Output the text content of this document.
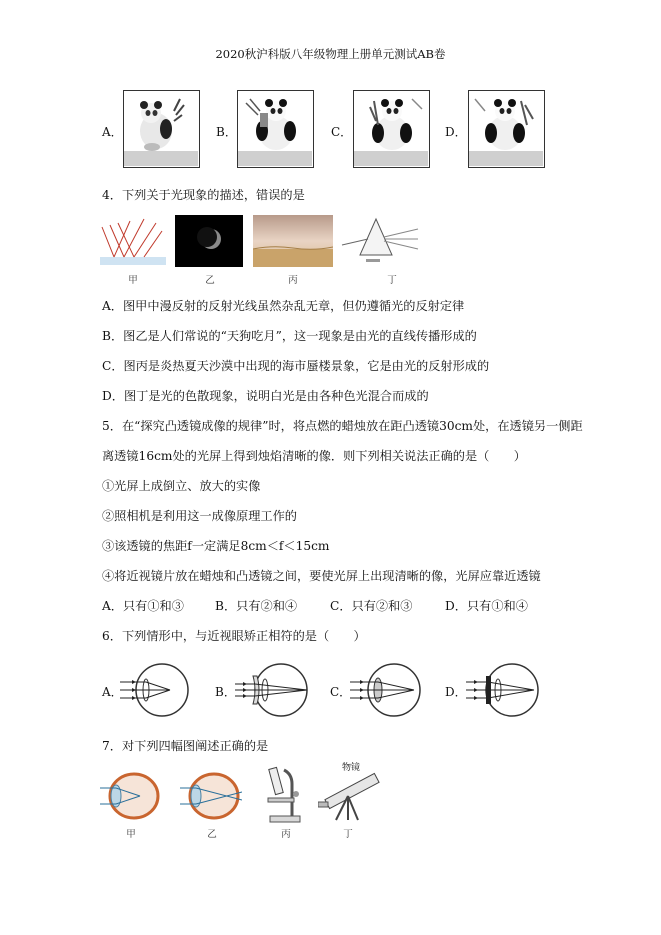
2020秋沪科版八年级物理上册单元测试AB卷
A．	B．	C．	D．
4．下列关于光现象的描述，错误的是
甲	乙	丙	丁
A．图甲中漫反射的反射光线虽然杂乱无章，但仍遵循光的反射定律
B．图乙是人们常说的“天狗吃月”，这一现象是由光的直线传播形成的
C．图丙是炎热夏天沙漠中出现的海市蜃楼景象，它是由光的反射形成的
D．图丁是光的色散现象，说明白光是由各种色光混合而成的
5．在“探究凸透镜成像的规律”时，将点燃的蜡烛放在距凸透镜30cm处，在透镜另一侧距
离透镜16cm处的光屏上得到烛焰清晰的像．则下列相关说法正确的是（　　）
①光屏上成倒立、放大的实像
②照相机是利用这一成像原理工作的
③该透镜的焦距f一定满足8cm＜f＜15cm
④将近视镜片放在蜡烛和凸透镜之间，要使光屏上出现清晰的像，光屏应靠近透镜
A．只有①和③	B．只有②和④	C．只有②和③	D．只有①和④
6．下列情形中，与近视眼矫正相符的是（　　）
A．	B．	C．	D．
7．对下列四幅图阐述正确的是
甲	乙	丙
物镜
丁
